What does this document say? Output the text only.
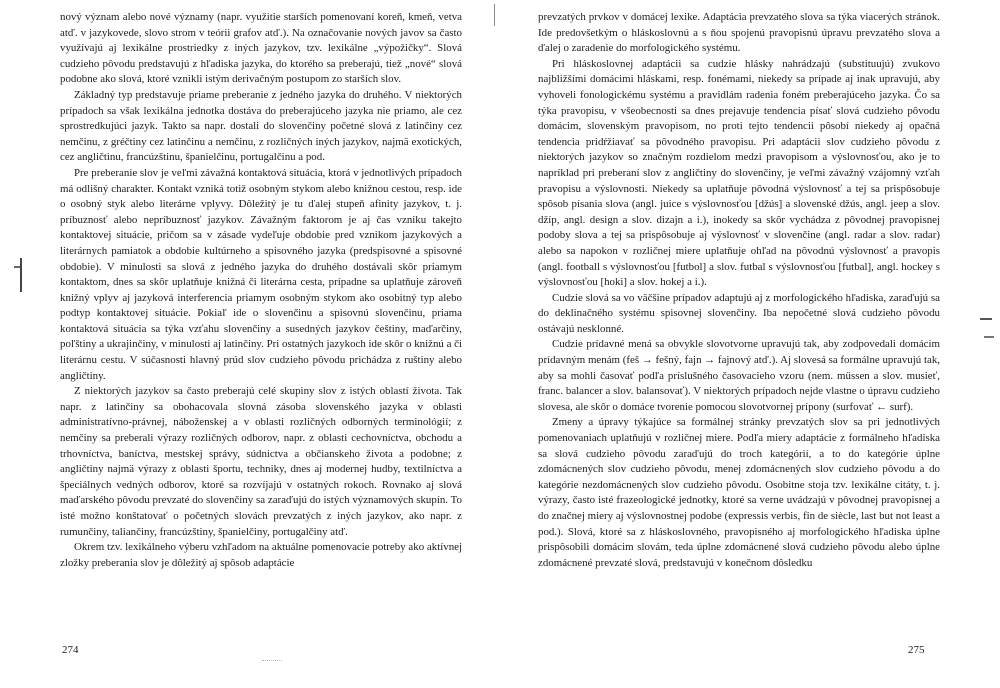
nový význam alebo nové významy (napr. využitie starších pomenovaní koreň, kmeň, vetva atď. v jazykovede, slovo strom v teórii grafov atď.). Na označovanie nových javov sa často využívajú aj lexikálne prostriedky z iných jazykov, tzv. lexikálne „výpožičky“. Slová cudzieho pôvodu predstavujú z hľadiska jazyka, do ktorého sa preberajú, tiež „nové“ slová podobne ako slová, ktoré vznikli istým derivačným postupom zo starších slov.

Základný typ predstavuje priame preberanie z jedného jazyka do druhého. V niektorých prípadoch sa však lexikálna jednotka dostáva do preberajúceho jazyka nie priamo, ale cez sprostredkujúci jazyk. Takto sa napr. dostali do slovenčiny početné slová z latinčiny cez nemčinu, z gréčtiny cez latinčinu a nemčinu, z rozličných iných jazykov, najmä exotických, cez angličtinu, francúzštinu, španielčinu, portugalčinu a pod.

Pre preberanie slov je veľmi závažná kontaktová situácia, ktorá v jednotlivých prípadoch má odlišný charakter. Kontakt vzniká totiž osobným stykom alebo knižnou cestou, resp. ide o osobný styk alebo literárne vplyvy. Dôležitý je tu ďalej stupeň afinity jazykov, t. j. príbuznosť alebo nepríbuznosť jazykov. Závažným faktorom je aj čas vzniku takejto kontaktovej situácie, pričom sa v zásade vydeľuje obdobie pred vznikom jazykových a literárnych pamiatok a obdobie kultúrneho a spisovného jazyka (predspisovné a spisovné obdobie). V minulosti sa slová z jedného jazyka do druhého dostávali skôr priamym kontaktom, dnes sa skôr uplatňuje knižná či literárna cesta, prípadne sa uplatňuje zároveň knižný vplyv aj jazyková interferencia priamym osobným stykom ako osobitný typ alebo podtyp kontaktovej situácie. Pokiaľ ide o slovenčinu a spisovnú slovenčinu, priama kontaktová situácia sa týka vzťahu slovenčiny a susedných jazykov češtiny, maďarčiny, poľštiny a ukrajinčiny, v minulosti aj latinčiny. Pri ostatných jazykoch ide skôr o knižnú a či literárnu cestu. V súčasnosti hlavný prúd slov cudzieho pôvodu prichádza z ruštiny alebo angličtiny.

Z niektorých jazykov sa často preberajú celé skupiny slov z istých oblastí života. Tak napr. z latinčiny sa obohacovala slovná zásoba slovenského jazyka v oblasti administratívno-právnej, náboženskej a v oblasti rozličných odborných terminológií; z nemčiny sa preberali výrazy rozličných odborov, napr. z oblasti cechovníctva, obchodu a trhovníctva, baníctva, mestskej správy, súdnictva a občianskeho života a podobne; z angličtiny najmä výrazy z oblasti športu, techniky, dnes aj modernej hudby, textilníctva a špeciálnych vedných odborov, ktoré sa rozvíjajú v ostatných rokoch. Rovnako aj slová maďarského pôvodu prevzaté do slovenčiny sa zaraďujú do istých významových skupín. To isté možno konštatovať o početných slovách prevzatých z iných jazykov, ako napr. z rumunčiny, taliančiny, francúzštiny, španielčiny, portugalčiny atď.

Okrem tzv. lexikálneho výberu vzhľadom na aktuálne pomenovacie potreby ako aktívnej zložky preberania slov je dôležitý aj spôsob adaptácie

274

prevzatých prvkov v domácej lexike. Adaptácia prevzatého slova sa týka viacerých stránok. Ide predovšetkým o hláskoslovnú a s ňou spojenú pravopisnú úpravu prevzatého slova a ďalej o zaradenie do morfologického systému.

Pri hláskoslovnej adaptácii sa cudzie hlásky nahrádzajú (substituujú) zvukovo najbližšími domácimi hláskami, resp. fonémami, niekedy sa prípade aj inak upravujú, aby vyhoveli fonologickému systému a pravidlám radenia foném preberajúceho jazyka. Čo sa týka pravopisu, v všeobecnosti sa dnes prejavuje tendencia písať slová cudzieho pôvodu domácim, slovenským pravopisom, no proti tejto tendencii pôsobí niekedy aj opačná tendencia pridŕžiavať sa pôvodného pravopisu. Pri adaptácii slov cudzieho pôvodu z niektorých jazykov so značným rozdielom medzi pravopisom a výslovnosťou, ako je to napríklad pri preberaní slov z angličtiny do slovenčiny, je veľmi závažný vzájomný vzťah pravopisu a výslovnosti. Niekedy sa uplatňuje pôvodná výslovnosť a tej sa prispôsobuje spôsob písania slova (angl. juice s výslovnosťou [džús] a slovenské džús, angl. jeep a slov. džíp, angl. design a slov. dizajn a i.), inokedy sa skôr vychádza z pôvodnej pravopisnej podoby slova a tej sa prispôsobuje aj výslovnosť v slovenčine (angl. radar a slov. radar) alebo sa napokon v rozličnej miere uplatňuje ohľad na pôvodnú výslovnosť a pravopis (angl. football s výslovnosťou [futbol] a slov. futbal s výslovnosťou [futbal], angl. hockey s výslovnosťou [hoki] a slov. hokej a i.).

Cudzie slová sa vo väčšine prípadov adaptujú aj z morfologického hľadiska, zaraďujú sa do deklinačného systému spisovnej slovenčiny. Iba nepočetné slová cudzieho pôvodu ostávajú nesklonné.

Cudzie prídavné mená sa obvykle slovotvorne upravujú tak, aby zodpovedali domácim prídavným menám (feš → fešný, fajn → fajnový atď.). Aj slovesá sa formálne upravujú tak, aby sa mohli časovať podľa príslušného časovacieho vzoru (nem. müssen a slov. musieť, franc. balancer a slov. balansovať). V niektorých prípadoch nejde vlastne o úpravu cudzieho slovesa, ale skôr o domáce tvorenie pomocou slovotvornej prípony (surfovať ← surf).

Zmeny a úpravy týkajúce sa formálnej stránky prevzatých slov sa pri jednotlivých pomenovaniach uplatňujú v rozličnej miere. Podľa miery adaptácie z formálneho hľadiska sa slová cudzieho pôvodu zaraďujú do troch kategórií, a to do kategórie úplne zdomácnených slov cudzieho pôvodu, menej zdomácnených slov cudzieho pôvodu a do kategórie nezdomácnených slov cudzieho pôvodu. Osobitne stoja tzv. lexikálne citáty, t. j. výrazy, často isté frazeologické jednotky, ktoré sa verne uvádzajú v pôvodnej pravopisnej a do značnej miery aj výslovnostnej podobe (expressis verbis, fin de siècle, last but not least a pod.). Slová, ktoré sa z hláskoslovného, pravopisného aj morfologického hľadiska úplne prispôsobili domácim slovám, teda úplne zdomácnené slová cudzieho pôvodu alebo úplne zdomácnené prevzaté slová, predstavujú v konečnom dôsledku

275
